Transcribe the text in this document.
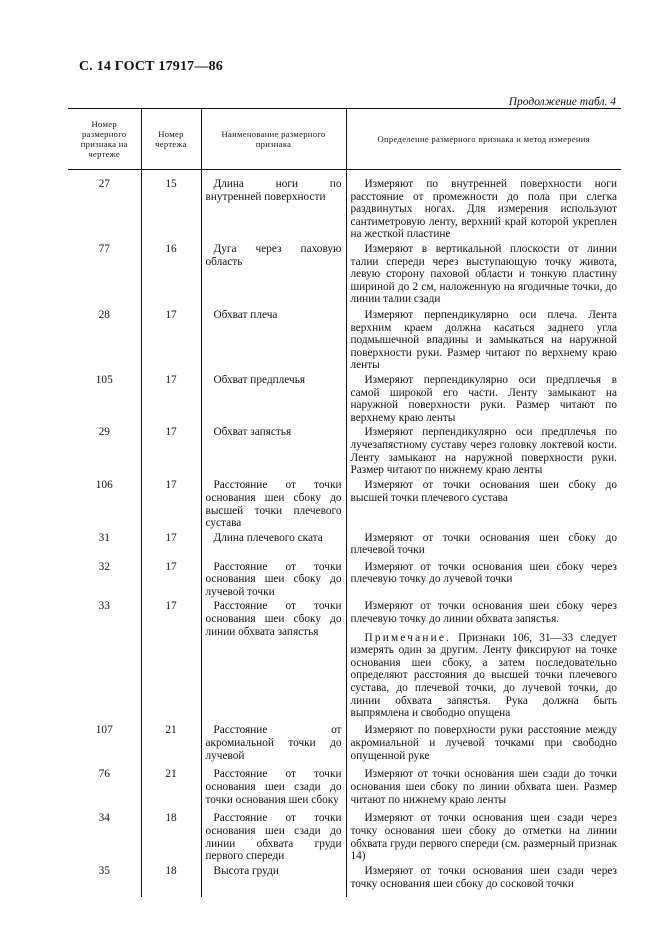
С. 14 ГОСТ 17917—86
Продолжение табл. 4
Номер размерного признака на чертеже	Номер чертежа	Наименование размерного признака	Определение размерного признака и метод измерения
27	15	Длина ноги по внутренней поверхности	Измеряют по внутренней поверхности ноги расстояние от промежности до пола при слегка раздвинутых ногах. Для измерения используют сантиметровую ленту, верхний край которой укреплен на жесткой пластине

77	16	Дуга через паховую область	Измеряют в вертикальной плоскости от линии талии спереди через выступающую точку живота, левую сторону паховой области и тонкую пластину шириной до 2 см, наложенную на ягодичные точки, до линии талии сзади

28	17	Обхват плеча	Измеряют перпендикулярно оси плеча. Лента верхним краем должна касаться заднего угла подмышечной впадины и замыкаться на наружной поверхности руки. Размер читают по верхнему краю ленты

105	17	Обхват предплечья	Измеряют перпендикулярно оси предплечья в самой широкой его части. Ленту замыкают на наружной поверхности руки. Размер читают по верхнему краю ленты

29	17	Обхват запястья	Измеряют перпендикулярно оси предплечья по лучезапястному суставу через головку локтевой кости. Ленту замыкают на наружной поверхности руки. Размер читают по нижнему краю ленты

106	17	Расстояние от точки основания шеи сбоку до высшей точки плечевого сустава	Измеряют от точки основания шеи сбоку до высшей точки плечевого сустава

31	17	Длина плечевого ската	Измеряют от точки основания шеи сбоку до плечевой точки

32	17	Расстояние от точки основания шеи сбоку до лучевой точки	Измеряют от точки основания шеи сбоку через плечевую точку до лучевой точки

33	17	Расстояние от точки основания шеи сбоку до линии обхвата запястья	Измеряют от точки основания шеи сбоку через плечевую точку до линии обхвата запястья.
Примечание. Признаки 106, 31—33 следует измерять один за другим. Ленту фиксируют на точке основания шеи сбоку, а затем последовательно определяют расстояния до высшей точки плечевого сустава, до плечевой точки, до лучевой точки, до линии обхвата запястья. Рука должна быть выпрямлена и свободно опущена

107	21	Расстояние от акромиальной точки до лучевой	Измеряют по поверхности руки расстояние между акромиальной и лучевой точками при свободно опущенной руке

76	21	Расстояние от точки основания шеи сзади до точки основания шеи сбоку	Измеряют от точки основания шеи сзади до точки основания шеи сбоку по линии обхвата шеи. Размер читают по нижнему краю ленты

34	18	Расстояние от точки основания шеи сзади до линии обхвата груди первого спереди	Измеряют от точки основания шеи сзади через точку основания шеи сбоку до отметки на линии обхвата груди первого спереди (см. размерный признак 14)

35	18	Высота груди	Измеряют от точки основания шеи сзади через точку основания шеи сбоку до сосковой точки
